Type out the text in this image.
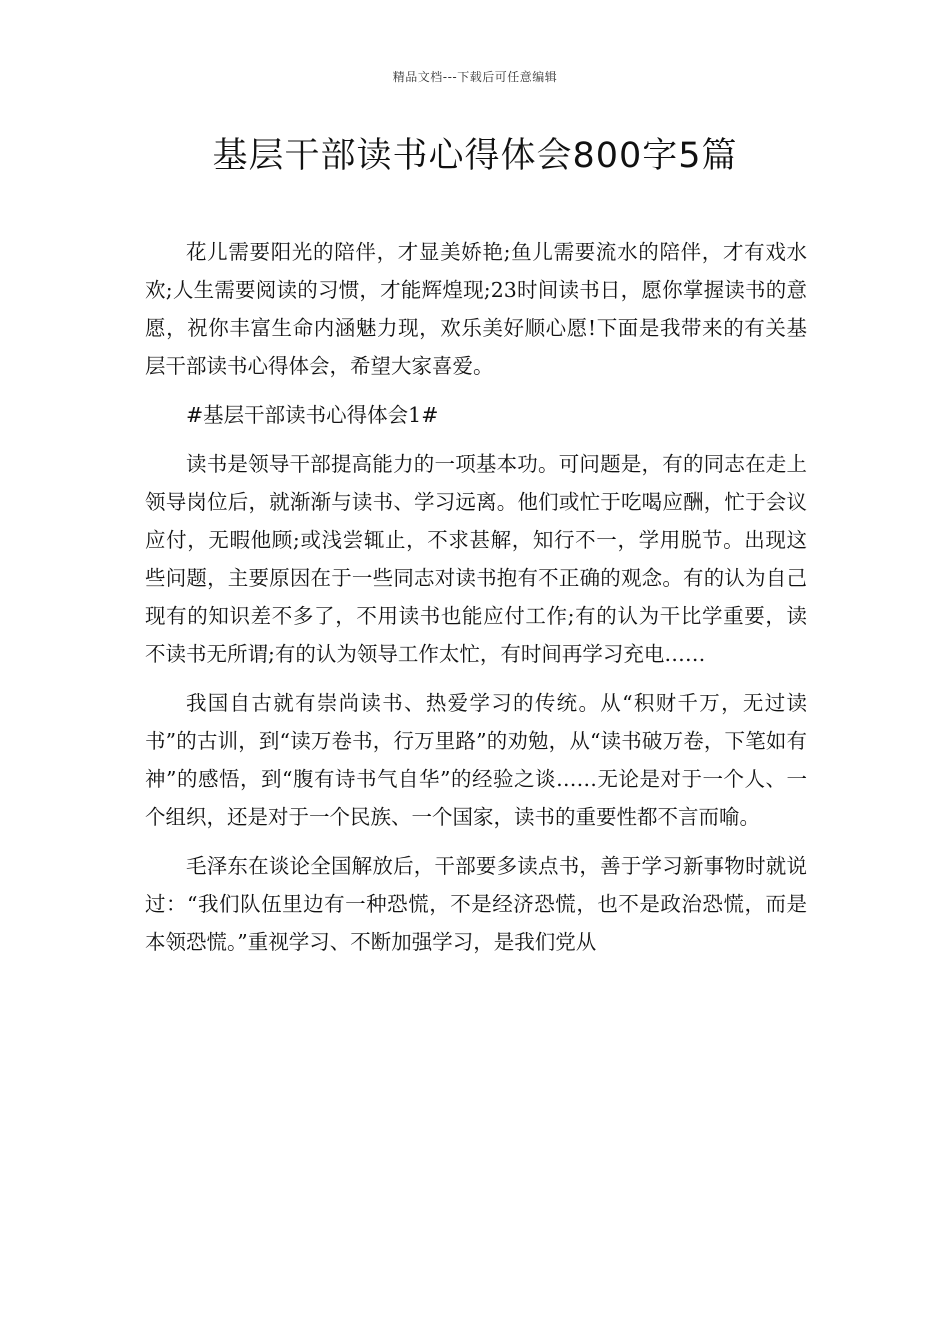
精品文档---下载后可任意编辑
基层干部读书心得体会800字5篇

花儿需要阳光的陪伴，才显美娇艳;鱼儿需要流水的陪伴，才有戏水欢;人生需要阅读的习惯，才能辉煌现;23时间读书日，愿你掌握读书的意愿，祝你丰富生命内涵魅力现，欢乐美好顺心愿!下面是我带来的有关基层干部读书心得体会，希望大家喜爱。

#基层干部读书心得体会1#

读书是领导干部提高能力的一项基本功。可问题是，有的同志在走上领导岗位后，就渐渐与读书、学习远离。他们或忙于吃喝应酬，忙于会议应付，无暇他顾;或浅尝辄止，不求甚解，知行不一，学用脱节。出现这些问题，主要原因在于一些同志对读书抱有不正确的观念。有的认为自己现有的知识差不多了，不用读书也能应付工作;有的认为干比学重要，读不读书无所谓;有的认为领导工作太忙，有时间再学习充电……

我国自古就有崇尚读书、热爱学习的传统。从“积财千万，无过读书”的古训，到“读万卷书，行万里路”的劝勉，从“读书破万卷，下笔如有神”的感悟，到“腹有诗书气自华”的经验之谈……无论是对于一个人、一个组织，还是对于一个民族、一个国家，读书的重要性都不言而喻。

毛泽东在谈论全国解放后，干部要多读点书，善于学习新事物时就说过：“我们队伍里边有一种恐慌，不是经济恐慌，也不是政治恐慌，而是本领恐慌。”重视学习、不断加强学习，是我们党从
